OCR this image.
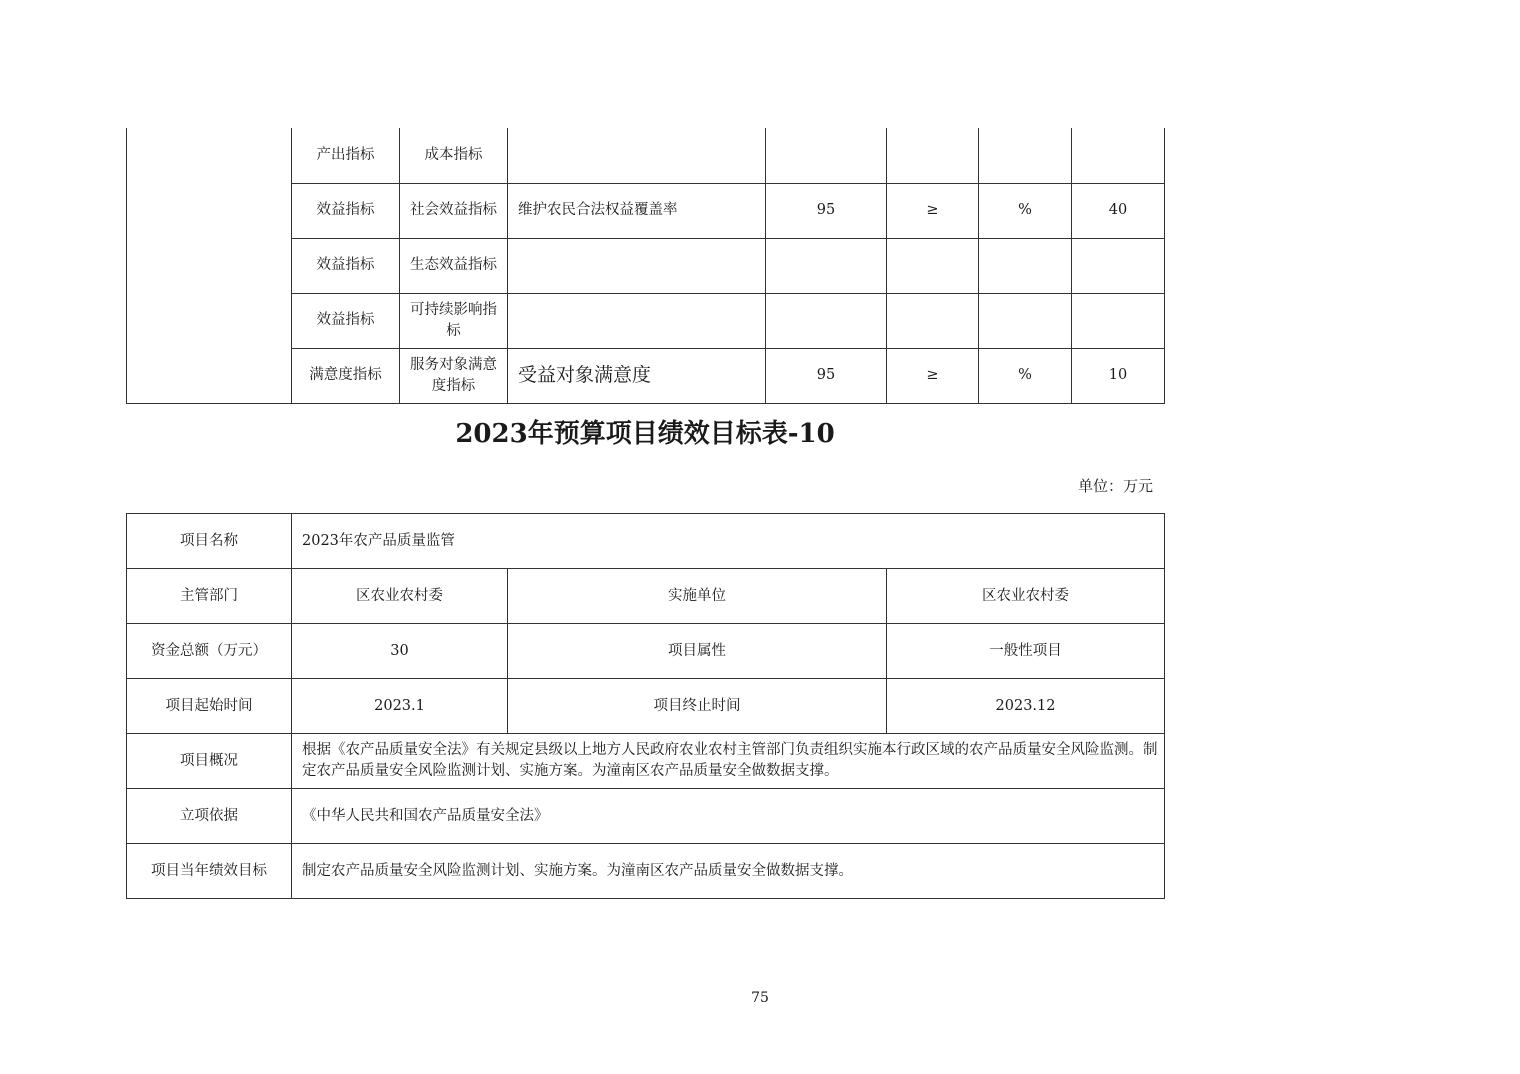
	产出指标	成本指标					
	效益指标	社会效益指标	维护农民合法权益覆盖率	95	≥	%	40
	效益指标	生态效益指标					
	效益指标	可持续影响指标					
	满意度指标	服务对象满意度指标	受益对象满意度	95	≥	%	10
2023年预算项目绩效目标表-10
单位：万元
项目名称	2023年农产品质量监管		
主管部门	区农业农村委	实施单位	区农业农村委
资金总额（万元）	30	项目属性	一般性项目
项目起始时间	2023.1	项目终止时间	2023.12
项目概况	根据《农产品质量安全法》有关规定县级以上地方人民政府农业农村主管部门负责组织实施本行政区域的农产品质量安全风险监测。制定农产品质量安全风险监测计划、实施方案。为潼南区农产品质量安全做数据支撑。		
立项依据	《中华人民共和国农产品质量安全法》		
项目当年绩效目标	制定农产品质量安全风险监测计划、实施方案。为潼南区农产品质量安全做数据支撑。		
75
